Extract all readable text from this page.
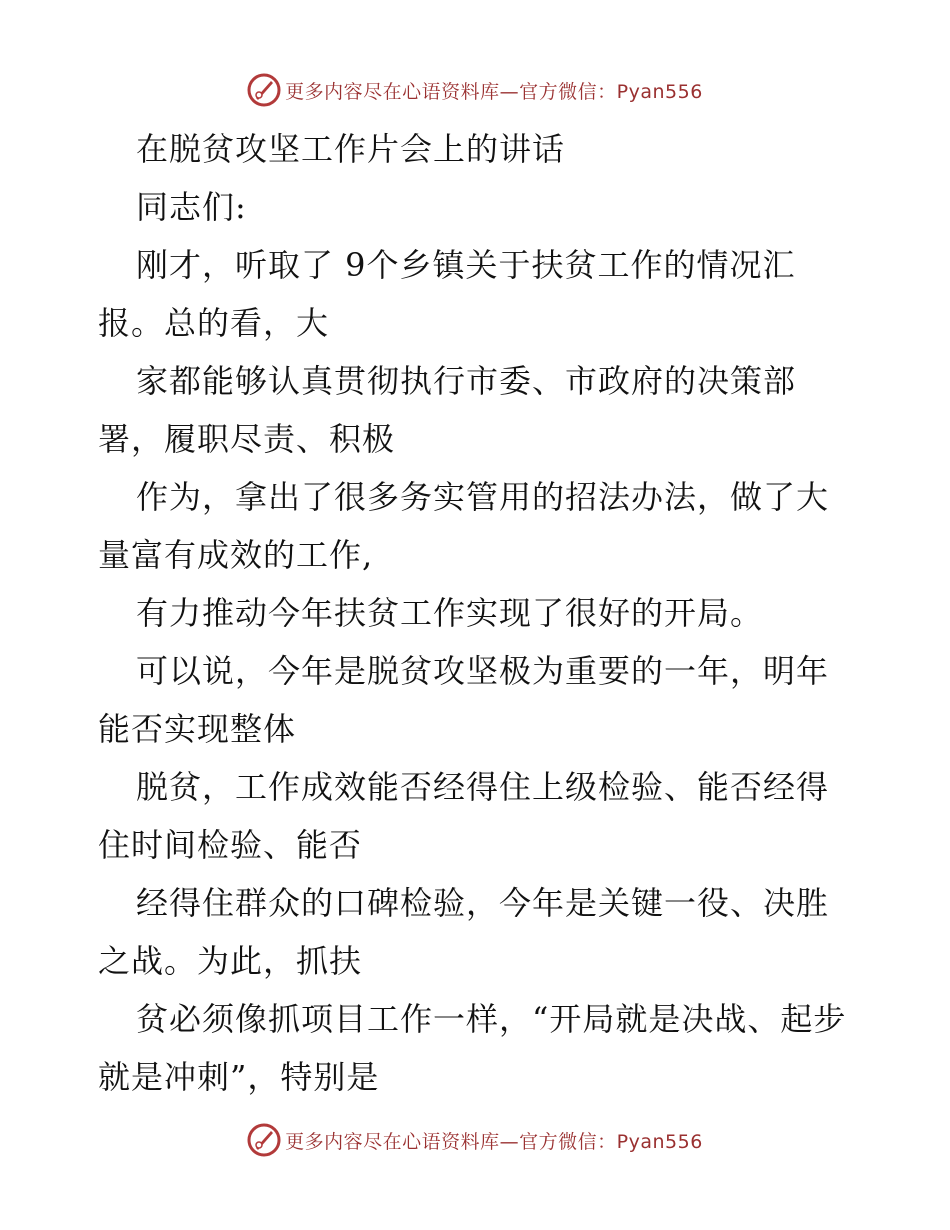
更多内容尽在心语资料库—官方微信：Pyan556

在脱贫攻坚工作片会上的讲话

同志们:

刚才，听取了 9个乡镇关于扶贫工作的情况汇报。总的看，大

家都能够认真贯彻执行市委、市政府的决策部署，履职尽责、积极

作为，拿出了很多务实管用的招法办法，做了大量富有成效的工作,

有力推动今年扶贫工作实现了很好的开局。

可以说，今年是脱贫攻坚极为重要的一年，明年能否实现整体

脱贫，工作成效能否经得住上级检验、能否经得住时间检验、能否

经得住群众的口碑检验，今年是关键一役、决胜之战。为此，抓扶

贫必须像抓项目工作一样，“开局就是决战、起步就是冲刺”，特别是

更多内容尽在心语资料库—官方微信：Pyan556
